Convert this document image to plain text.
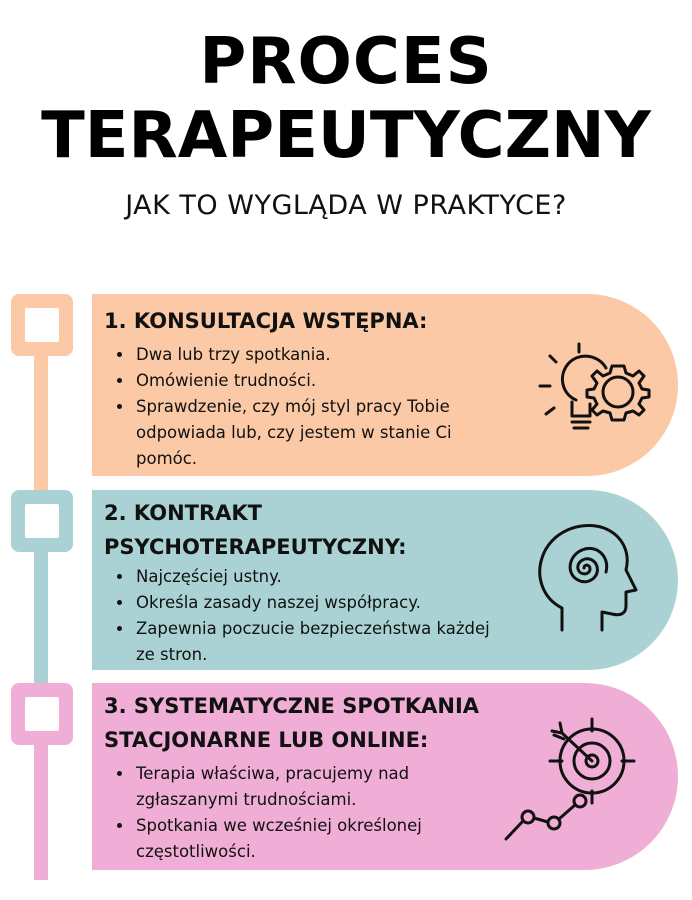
PROCES
TERAPEUTYCZNY
JAK TO WYGLĄDA W PRAKTYCE?
1. KONSULTACJA WSTĘPNA:
• Dwa lub trzy spotkania.
• Omówienie trudności.
• Sprawdzenie, czy mój styl pracy Tobie odpowiada lub, czy jestem w stanie Ci pomóc.
2. KONTRAKT
PSYCHOTERAPEUTYCZNY:
• Najczęściej ustny.
• Określa zasady naszej współpracy.
• Zapewnia poczucie bezpieczeństwa każdej ze stron.
3. SYSTEMATYCZNE SPOTKANIA
STACJONARNE LUB ONLINE:
• Terapia właściwa, pracujemy nad zgłaszanymi trudnościami.
• Spotkania we wcześniej określonej częstotliwości.
